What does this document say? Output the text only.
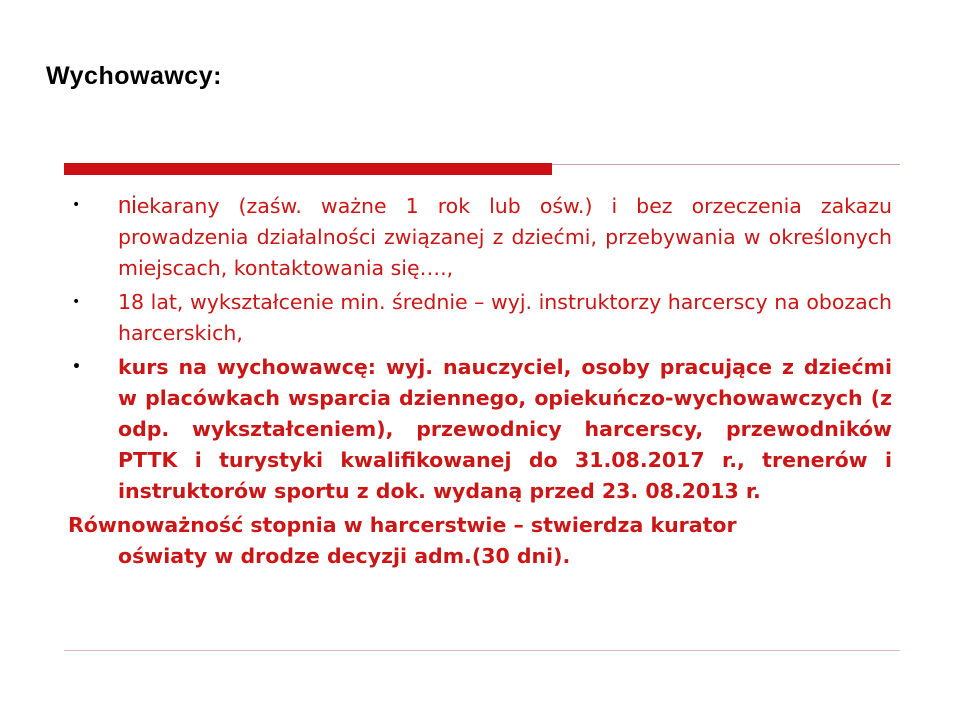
Wychowawcy:
• niekarany (zaśw. ważne 1 rok lub ośw.) i bez orzeczenia zakazu prowadzenia działalności związanej z dziećmi, przebywania w określonych miejscach, kontaktowania się….,
• 18 lat, wykształcenie min. średnie – wyj. instruktorzy harcerscy na obozach harcerskich,
• kurs na wychowawcę: wyj. nauczyciel, osoby pracujące z dziećmi w placówkach wsparcia dziennego, opiekuńczo-wychowawczych (z odp. wykształceniem), przewodnicy harcerscy, przewodników PTTK i turystyki kwalifikowanej do 31.08.2017 r., trenerów i instruktorów sportu z dok. wydaną przed 23. 08.2013 r.
Równoważność stopnia w harcerstwie – stwierdza kurator
oświaty w drodze decyzji adm.(30 dni).
